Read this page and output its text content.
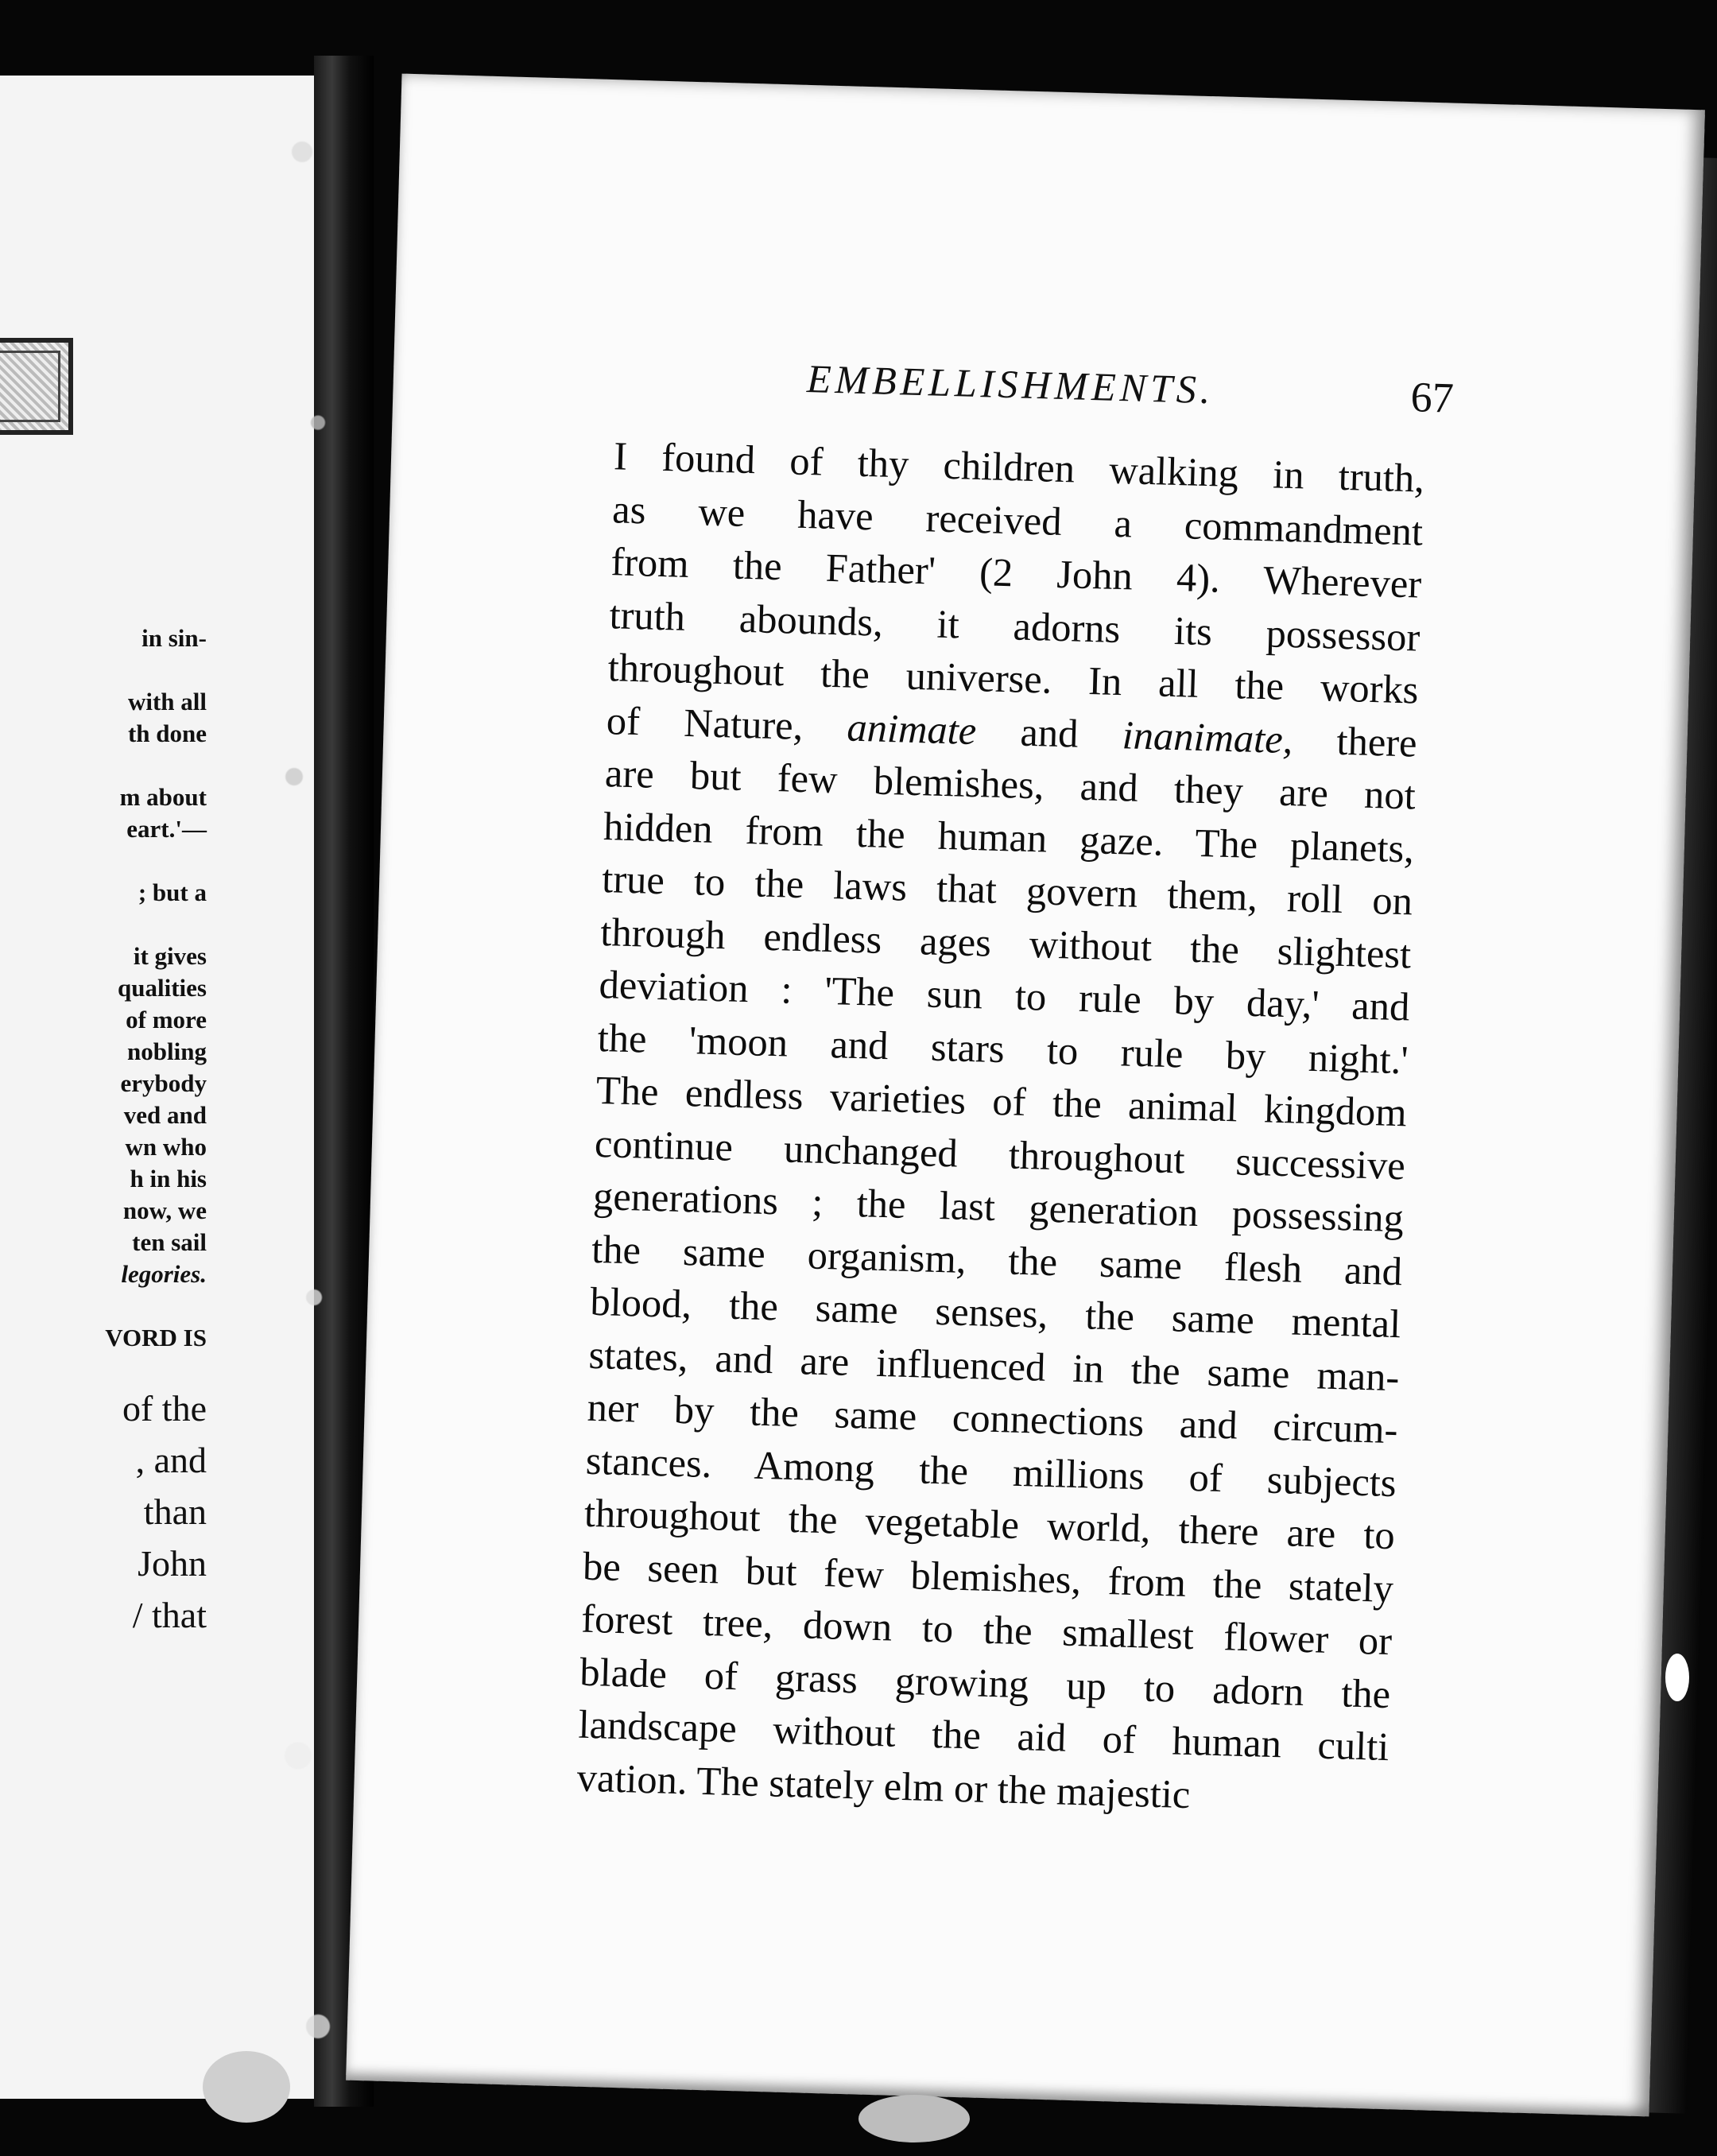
in sin-
with all
th done
m about
eart.'—
; but a
it gives
qualities
of more
nobling
erybody
ved and
wn who
h in his
now, we
ten sail
legories.
VORD IS
of the
, and
than
John
/ that
EMBELLISHMENTS.	67
I found of thy children walking in truth,
as we have received a commandment
from the Father' (2 John 4). Wherever
truth abounds, it adorns its possessor
throughout the universe. In all the works
of Nature, animate and inanimate, there
are but few blemishes, and they are not
hidden from the human gaze. The planets,
true to the laws that govern them, roll on
through endless ages without the slightest
deviation : 'The sun to rule by day,' and
the 'moon and stars to rule by night.'
The endless varieties of the animal kingdom
continue unchanged throughout successive
generations ; the last generation possessing
the same organism, the same flesh and
blood, the same senses, the same mental
states, and are influenced in the same man-
ner by the same connections and circum-
stances. Among the millions of subjects
throughout the vegetable world, there are to
be seen but few blemishes, from the stately
forest tree, down to the smallest flower or
blade of grass growing up to adorn the
landscape without the aid of human culti
vation. The stately elm or the majestic
